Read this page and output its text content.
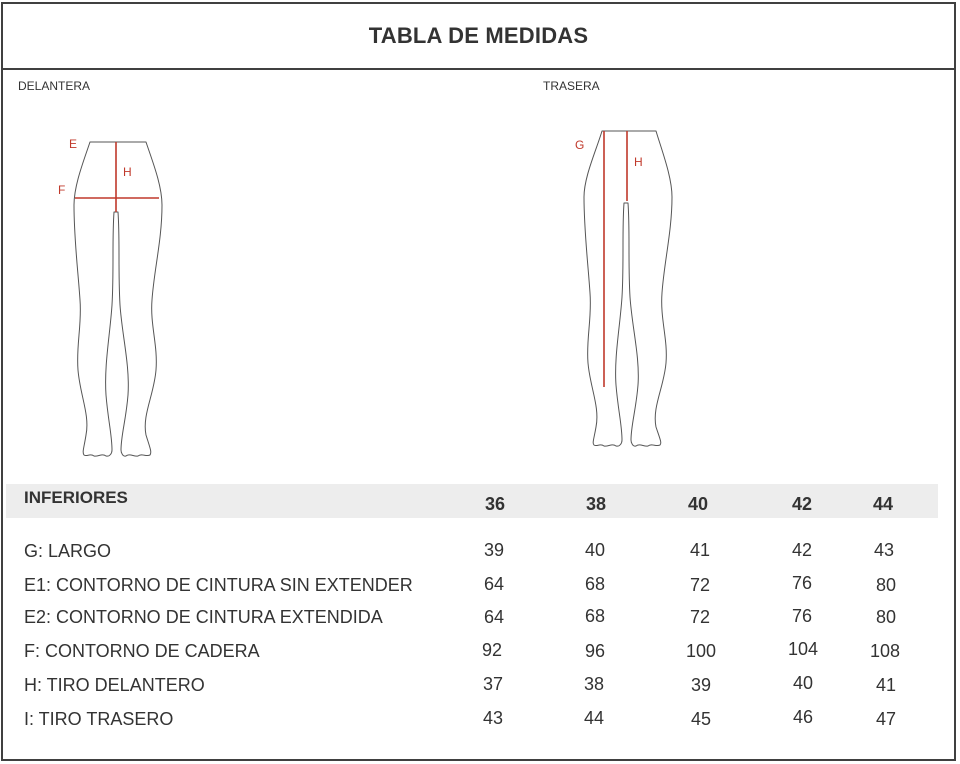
TABLA DE MEDIDAS
DELANTERA	TRASERA
E
F
H
G
H
INFERIORES	36	38	40	42	44
G: LARGO	39	40	41	42	43
E1: CONTORNO DE CINTURA SIN EXTENDER	64	68	72	76	80
E2: CONTORNO DE CINTURA EXTENDIDA	64	68	72	76	80
F: CONTORNO DE CADERA	92	96	100	104	108
H: TIRO DELANTERO	37	38	39	40	41
I: TIRO TRASERO	43	44	45	46	47
